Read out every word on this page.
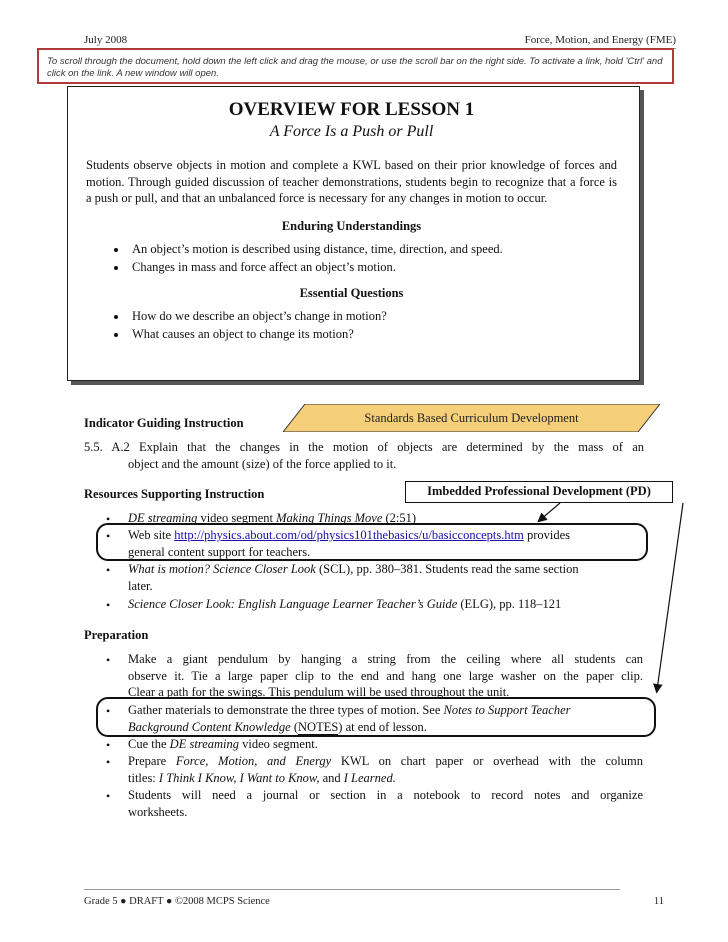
July 2008	Force, Motion, and Energy (FME)
To scroll through the document, hold down the left click and drag the mouse, or use the scroll bar on the right side. To activate a link, hold 'Ctrl' and click on the link. A new window will open.
OVERVIEW FOR LESSON 1
A Force Is a Push or Pull
Students observe objects in motion and complete a KWL based on their prior knowledge of forces and motion. Through guided discussion of teacher demonstrations, students begin to recognize that a force is a push or pull, and that an unbalanced force is necessary for any changes in motion to occur.
Enduring Understandings
• An object’s motion is described using distance, time, direction, and speed.
• Changes in mass and force affect an object’s motion.
Essential Questions
• How do we describe an object’s change in motion?
• What causes an object to change its motion?
Indicator Guiding Instruction	Standards Based Curriculum Development
5.5. A.2 Explain that the changes in the motion of objects are determined by the mass of an
object and the amount (size) of the force applied to it.
Resources Supporting Instruction	Imbedded Professional Development (PD)
• DE streaming video segment Making Things Move (2:51)
• Web site http://physics.about.com/od/physics101thebasics/u/basicconcepts.htm provides
general content support for teachers.
• What is motion? Science Closer Look (SCL), pp. 380–381. Students read the same section
later.
• Science Closer Look: English Language Learner Teacher’s Guide (ELG), pp. 118–121
Preparation
• Make a giant pendulum by hanging a string from the ceiling where all students can
observe it. Tie a large paper clip to the end and hang one large washer on the paper clip.
Clear a path for the swings. This pendulum will be used throughout the unit.
• Gather materials to demonstrate the three types of motion. See Notes to Support Teacher
Background Content Knowledge (NOTES) at end of lesson.
• Cue the DE streaming video segment.
• Prepare Force, Motion, and Energy KWL on chart paper or overhead with the column
titles: I Think I Know, I Want to Know, and I Learned.
• Students will need a journal or section in a notebook to record notes and organize
worksheets.
Grade 5 ● DRAFT ● ©2008 MCPS Science	11
